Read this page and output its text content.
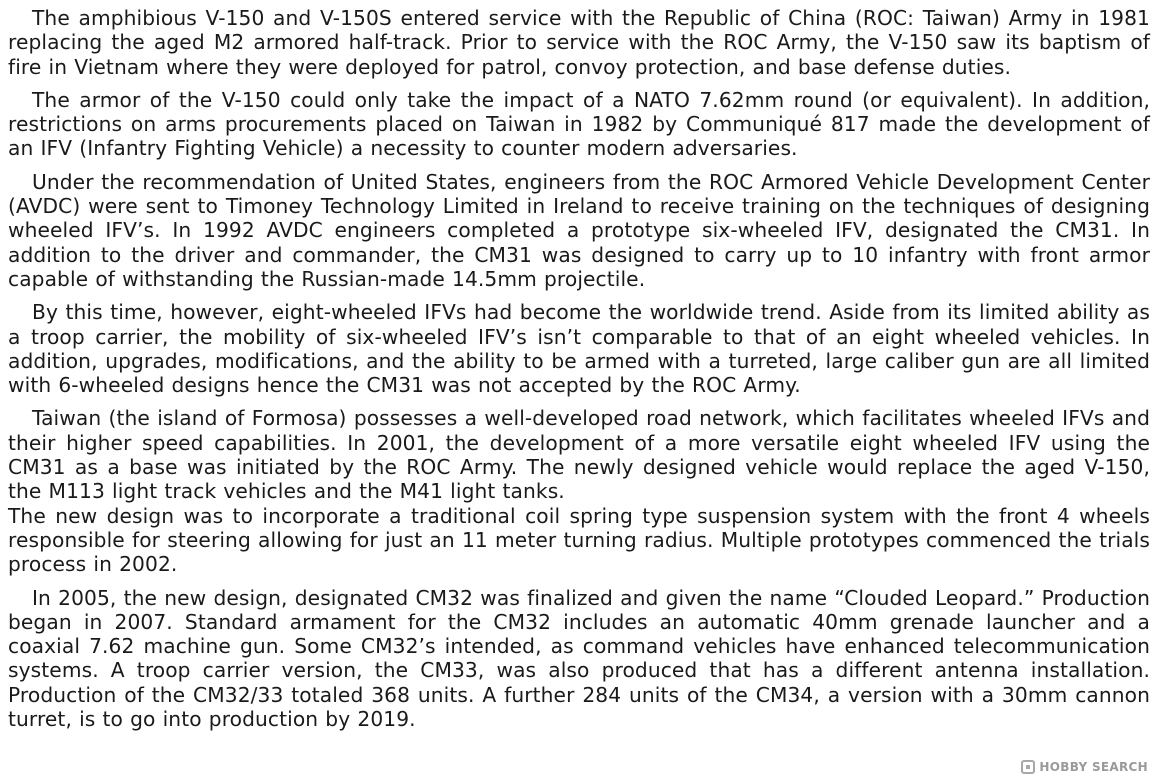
The amphibious V-150 and V-150S entered service with the Republic of China (ROC: Taiwan) Army in 1981 replacing the aged M2 armored half-track. Prior to service with the ROC Army, the V-150 saw its baptism of fire in Vietnam where they were deployed for patrol, convoy protection, and base defense duties.

The armor of the V-150 could only take the impact of a NATO 7.62mm round (or equivalent). In addition, restrictions on arms procurements placed on Taiwan in 1982 by Communiqué 817 made the development of an IFV (Infantry Fighting Vehicle) a necessity to counter modern adversaries.

Under the recommendation of United States, engineers from the ROC Armored Vehicle Development Center (AVDC) were sent to Timoney Technology Limited in Ireland to receive training on the techniques of designing wheeled IFV’s. In 1992 AVDC engineers completed a prototype six-wheeled IFV, designated the CM31. In addition to the driver and commander, the CM31 was designed to carry up to 10 infantry with front armor capable of withstanding the Russian-made 14.5mm projectile.

By this time, however, eight-wheeled IFVs had become the worldwide trend. Aside from its limited ability as a troop carrier, the mobility of six-wheeled IFV’s isn’t comparable to that of an eight wheeled vehicles. In addition, upgrades, modifications, and the ability to be armed with a turreted, large caliber gun are all limited with 6-wheeled designs hence the CM31 was not accepted by the ROC Army.

Taiwan (the island of Formosa) possesses a well-developed road network, which facilitates wheeled IFVs and their higher speed capabilities. In 2001, the development of a more versatile eight wheeled IFV using the CM31 as a base was initiated by the ROC Army. The newly designed vehicle would replace the aged V-150, the M113 light track vehicles and the M41 light tanks.
The new design was to incorporate a traditional coil spring type suspension system with the front 4 wheels responsible for steering allowing for just an 11 meter turning radius. Multiple prototypes commenced the trials process in 2002.

In 2005, the new design, designated CM32 was finalized and given the name “Clouded Leopard.” Production began in 2007. Standard armament for the CM32 includes an automatic 40mm grenade launcher and a coaxial 7.62 machine gun. Some CM32’s intended, as command vehicles have enhanced telecommunication systems. A troop carrier version, the CM33, was also produced that has a different antenna installation. Production of the CM32/33 totaled 368 units. A further 284 units of the CM34, a version with a 30mm cannon turret, is to go into production by 2019.

HOBBY SEARCH
